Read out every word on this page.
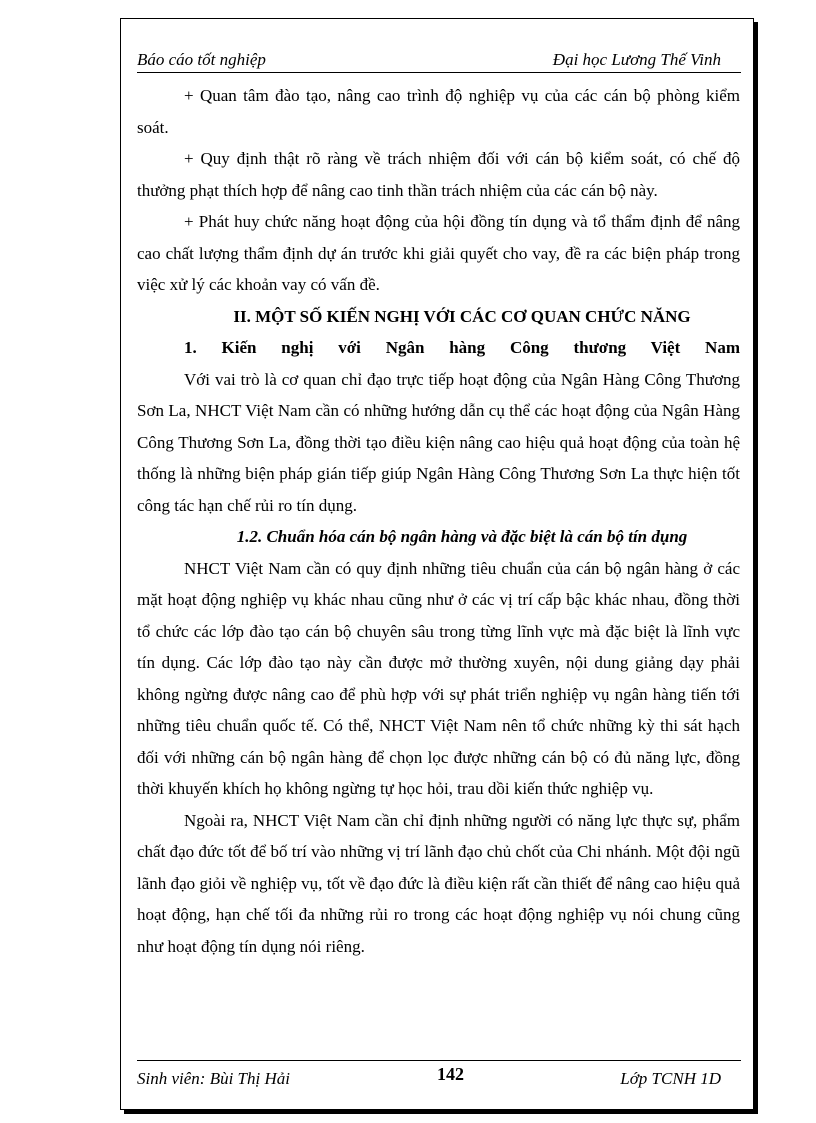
Báo cáo tốt nghiệp	Đại học Lương Thế Vinh

+ Quan tâm đào tạo, nâng cao trình độ nghiệp vụ của các cán bộ phòng kiểm soát.

+ Quy định thật rõ ràng về trách nhiệm đối với cán bộ kiểm soát, có chế độ thưởng phạt thích hợp để nâng cao tinh thần trách nhiệm của các cán bộ này.

+ Phát huy chức năng hoạt động của hội đồng tín dụng và tổ thẩm định để nâng cao chất lượng thẩm định dự án trước khi giải quyết cho vay, đề ra các biện pháp trong việc xử lý các khoản vay có vấn đề.

II. MỘT SỐ KIẾN NGHỊ VỚI CÁC CƠ QUAN CHỨC NĂNG

1. Kiến nghị với Ngân hàng Công thương Việt Nam

Với vai trò là cơ quan chỉ đạo trực tiếp hoạt động của Ngân Hàng Công Thương Sơn La, NHCT Việt Nam cần có những hướng dẫn cụ thể các hoạt động của Ngân Hàng Công Thương Sơn La, đồng thời tạo điều kiện nâng cao hiệu quả hoạt động của toàn hệ thống là những biện pháp gián tiếp giúp Ngân Hàng Công Thương Sơn La thực hiện tốt công tác hạn chế rủi ro tín dụng.

1.2. Chuẩn hóa cán bộ ngân hàng và đặc biệt là cán bộ tín dụng

NHCT Việt Nam cần có quy định những tiêu chuẩn của cán bộ ngân hàng ở các mặt hoạt động nghiệp vụ khác nhau cũng như ở các vị trí cấp bậc khác nhau, đồng thời tổ chức các lớp đào tạo cán bộ chuyên sâu trong từng lĩnh vực mà đặc biệt là lĩnh vực tín dụng. Các lớp đào tạo này cần được mở thường xuyên, nội dung giảng dạy phải không ngừng được nâng cao để phù hợp với sự phát triển nghiệp vụ ngân hàng tiến tới những tiêu chuẩn quốc tế. Có thể, NHCT Việt Nam nên tổ chức những kỳ thi sát hạch đối với những cán bộ ngân hàng để chọn lọc được những cán bộ có đủ năng lực, đồng thời khuyến khích họ không ngừng tự học hỏi, trau dồi kiến thức nghiệp vụ.

Ngoài ra, NHCT Việt Nam cần chỉ định những người có năng lực thực sự, phẩm chất đạo đức tốt để bố trí vào những vị trí lãnh đạo chủ chốt của Chi nhánh. Một đội ngũ lãnh đạo giỏi về nghiệp vụ, tốt về đạo đức là điều kiện rất cần thiết để nâng cao hiệu quả hoạt động, hạn chế tối đa những rủi ro trong các hoạt động nghiệp vụ nói chung cũng như hoạt động tín dụng nói riêng.

Sinh viên: Bùi Thị Hải	142	Lớp TCNH 1D
